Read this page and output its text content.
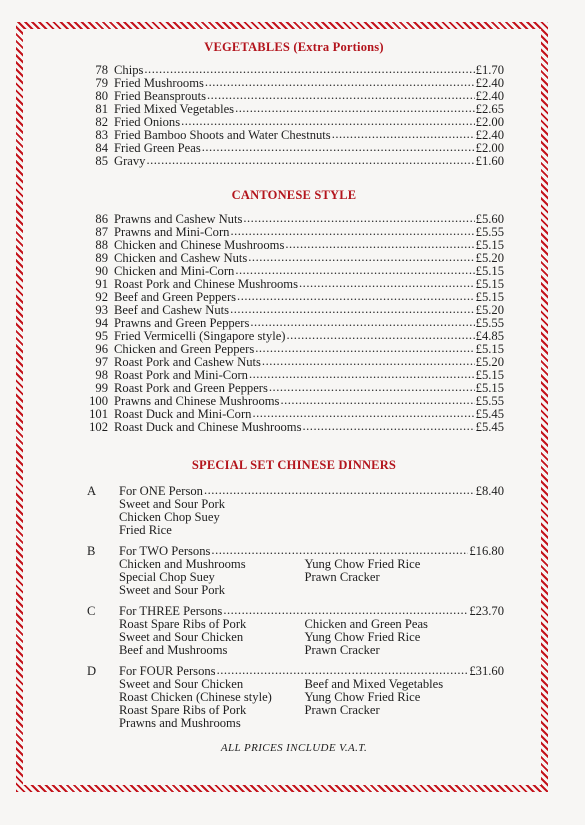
VEGETABLES (Extra Portions)
78 Chips .....	£1.70
79 Fried Mushrooms .....	£2.40
80 Fried Beansprouts .....	£2.40
81 Fried Mixed Vegetables .....	£2.65
82 Fried Onions .....	£2.00
83 Fried Bamboo Shoots and Water Chestnuts .....	£2.40
84 Fried Green Peas .....	£2.00
85 Gravy .....	£1.60
CANTONESE STYLE
86 Prawns and Cashew Nuts .....	£5.60
87 Prawns and Mini-Corn .....	£5.55
88 Chicken and Chinese Mushrooms .....	£5.15
89 Chicken and Cashew Nuts .....	£5.20
90 Chicken and Mini-Corn .....	£5.15
91 Roast Pork and Chinese Mushrooms .....	£5.15
92 Beef and Green Peppers .....	£5.15
93 Beef and Cashew Nuts .....	£5.20
94 Prawns and Green Peppers .....	£5.55
95 Fried Vermicelli (Singapore style) .....	£4.85
96 Chicken and Green Peppers .....	£5.15
97 Roast Pork and Cashew Nuts .....	£5.20
98 Roast Pork and Mini-Corn .....	£5.15
99 Roast Pork and Green Peppers .....	£5.15
100 Prawns and Chinese Mushrooms .....	£5.55
101 Roast Duck and Mini-Corn .....	£5.45
102 Roast Duck and Chinese Mushrooms .....	£5.45
SPECIAL SET CHINESE DINNERS
A	For ONE Person .....	£8.40
Sweet and Sour Pork
Chicken Chop Suey
Fried Rice
B	For TWO Persons .....	£16.80
Chicken and Mushrooms
Special Chop Suey
Sweet and Sour Pork
Yung Chow Fried Rice
Prawn Cracker
C	For THREE Persons .....	£23.70
Roast Spare Ribs of Pork
Sweet and Sour Chicken
Beef and Mushrooms
Chicken and Green Peas
Yung Chow Fried Rice
Prawn Cracker
D	For FOUR Persons .....	£31.60
Sweet and Sour Chicken
Roast Chicken (Chinese style)
Roast Spare Ribs of Pork
Prawns and Mushrooms
Beef and Mixed Vegetables
Yung Chow Fried Rice
Prawn Cracker
ALL PRICES INCLUDE V.A.T.
